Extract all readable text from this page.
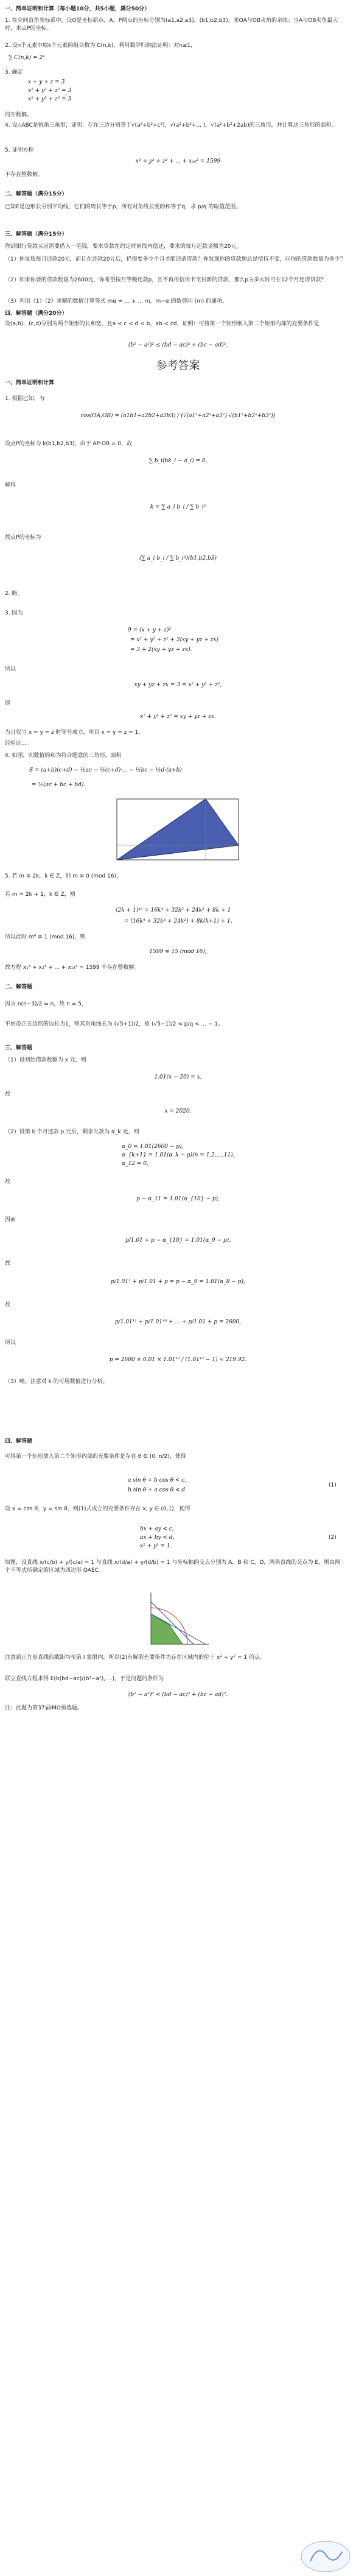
一、简单证明和计算（每小题10分，共5小题，满分50分）
1. 在空间直角坐标系中，设O是坐标原点，A，P两点的坐标分别为(a1,a2,a3)，(b1,b2,b3)，求OA与OB夹角的余弦；当A与OB夹角最大时，求点P的坐标。
2. 设n个元素中取k个元素的组合数为 C(n,k)，利用数学归纳法证明：对n≥1，
∑ C(n,k) = 2ⁿ
3. 确定
x + y + z = 3
x² + y² + z² = 3
x⁵ + y⁵ + z⁵ = 3
的实数解。
4. 设△ABC是锐角三角形，证明：存在三边分别等于√(a²+b²+c²)，√(a²+b²+... )，√(a²+b²+2ab)的三角形，并计算这三角形的面积。
5. 证明方程
x³ + y³ + z³ + ... + x₁₀³ = 1599
不存在整数解。
二、解答题（满分15分）
已知E是边形长分别平均线，它们的周长等于p，所有对角线长度的和等于q，求 p/q 的取值范围。
三、解答题（满分15分）
你到银行贷款买房需要借入一笔钱，要求贷款在约定时间段内偿还，要求的每月还款金额为20元。
（1）你发现每月还款20元，而且在还款20元后，仍需要多少个月才能还清贷款？你发现你的贷款额总是偿持不变，问你的贷款数量为多少？
（2）如果你要的贷款数量为2600元，你希望按月等额还款p，且不再用信用卡支付新的贷款，那么p为多大时可在12个月还清贷款？
（3）利用（1）（2）求解的数值计算等式 mα = ... + ... m，m−α 的数剪问 (m) 的通项。
四、解答题（满分20分）
设(a,b)，(c,d)分别为两个矩形的长和宽，且a < c < d < b，ab < cd，证明：可将第一个矩形嵌入第二个矩形内部的充要条件是
(b² − a²)² ≤ (bd − ac)² + (bc − ad)².
参考答案
一、简单证明和计算
1. 根据已知，有
cos(OA,OB) = (a1b1+a2b2+a3b3) / (√(a1²+a2²+a3²)·√(b1²+b2²+b3²))
设点P的坐标为 k(b1,b2,b3)，由于 AP·OB = 0，故
∑ b_i(bk_i − a_i) = 0,
解得
k = ∑ a_i b_i / ∑ b_i²
故点P的坐标为
(∑ a_i b_i / ∑ b_i²)(b1,b2,b3)
2. 略。
3. 因为
9 = (x + y + z)²
= x² + y² + z² + 2(xy + yz + zx)
= 3 + 2(xy + yz + zx).
所以
xy + yz + zx = 3 = x² + y² + z²,
即
x² + y² + z² = xy + yz + zx.
当且仅当 x = y = z 时等号成立，所以 x = y = z = 1.
经验证...。
4. 如图，则数值的和为符合题意的三角形，面积
S = (a+b)(c+d) − ½ac − ½(c+d)·... − ½bc − ½d·(a+b)
= ½(ac + bc + bd).
5. 若 m ≡ 2k，k ∈ Z，则 m ≡ 0 (mod 16)，
若 m = 2k + 1，k ∈ Z，则
(2k + 1)¹⁰ = 16k⁴ + 32k³ + 24k² + 8k + 1
= (16k⁴ + 32k³ + 24k²) + 8k(k+1) + 1,
所以此时 m⁴ ≡ 1 (mod 16)，则
1599 ≡ 15 (mod 16),
故方程 x₁⁴ + x₂⁴ + ... + x₁₄⁴ = 1599 不存在整数解。
二、解答题
因为 n(n−3)/2 = n，故 n = 5，
不妨设正五边形的边长为1，则其对角线长为 (√5+1)/2，故 (√5−1)/2 < p/q < ... − 1。
三、解答题
（1）设初始借款数额为 x 元，则
1.01(x − 20) = x,
故
x = 2020.
（2）设第 k 个月还款 p 元后，剩余欠款为 α_k 元，则
α_0 = 1.01(2600 − p),
α_{k+1} = 1.01(α_k − p)(n = 1,2,…,11),
α_12 = 0,
故
p − α_11 = 1.01(α_{10} − p),
因而
p/1.01 + p − α_{10} = 1.01(α_9 − p),
故
p/1.01² + p/1.01 + p = p − α_9 = 1.01(α_8 − p),
故
p/1.01¹¹ + p/1.01¹⁰ + ... + p/1.01 + p = 2600,
所以
p = 2600 × 0.01 × 1.01¹² / (1.01¹² − 1) ≈ 219.92.
（3）略。注意对 k 的可用数值进行分析。
四、解答题
可将第一个矩形放入第二个矩形内部的充要条件是存在 θ ∈ (0, π/2)，使得
a sin θ + b cos θ < c,
b sin θ + a cos θ < d.
(1)
设 x = cos θ，y = sin θ，则(1)式成立的充要条件存在 x, y ∈ (0,1)，使得
bx + ay < c,
ax + by < d,
x² + y² = 1.
(2)
如图，设直线 x/(c/b) + y/(c/a) = 1 与直线 x/(d/a) + y/(d/b) = 1 与坐标轴的交点分别为 A，B 和 C，D，两条直线的交点为 E，则由两个不等式所确定的区域为四边形 OAEC。
注意到正方形直线的截距均至第 I 象限内，所以(2)有解的充要条件为存在区域内的位于 x² + y² = 1 的点。
联立直线方程求得 E(b(bd−ac)/(b²−a²), ...)，于是问题的条件为
(b² − a²)² < (bd − ac)² + (bc − ad)².
注：此题为第37届IMO预选题。
